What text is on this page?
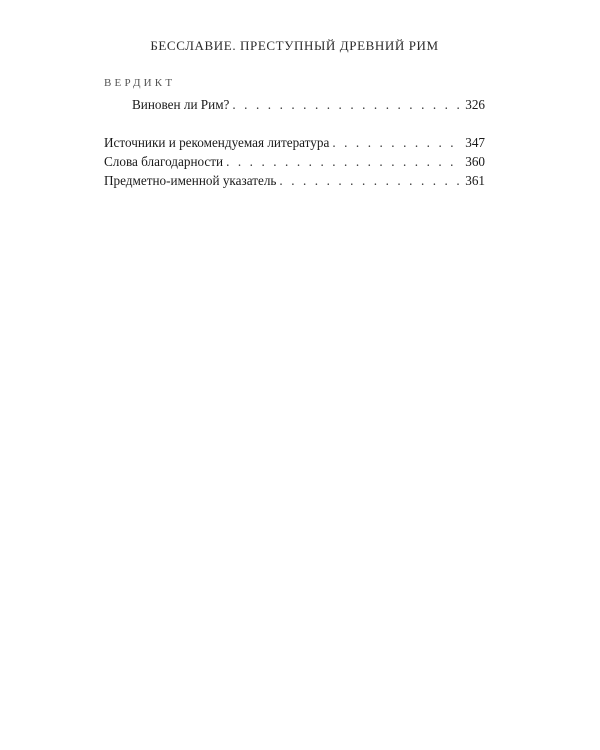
БЕССЛАВИЕ. ПРЕСТУПНЫЙ ДРЕВНИЙ РИМ
ВЕРДИКТ
Виновен ли Рим? . . .	326
Источники и рекомендуемая литература . . .	347
Слова благодарности . . .	360
Предметно-именной указатель . . .	361
